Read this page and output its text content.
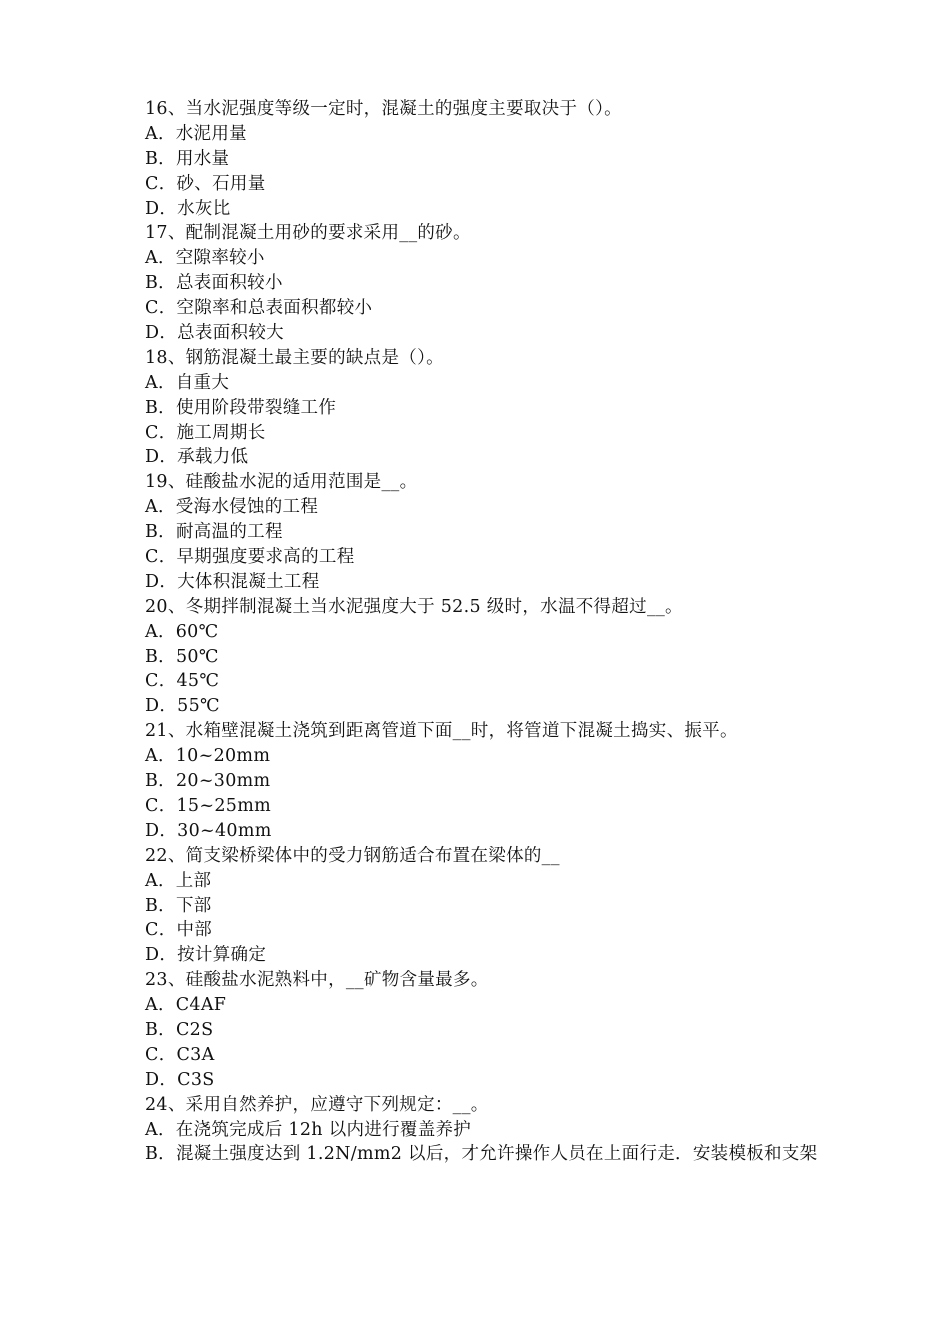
16、当水泥强度等级一定时，混凝土的强度主要取决于（）。
A．水泥用量
B．用水量
C．砂、石用量
D．水灰比
17、配制混凝土用砂的要求采用__的砂。
A．空隙率较小
B．总表面积较小
C．空隙率和总表面积都较小
D．总表面积较大
18、钢筋混凝土最主要的缺点是（）。
A．自重大
B．使用阶段带裂缝工作
C．施工周期长
D．承载力低
19、硅酸盐水泥的适用范围是__。
A．受海水侵蚀的工程
B．耐高温的工程
C．早期强度要求高的工程
D．大体积混凝土工程
20、冬期拌制混凝土当水泥强度大于 52.5 级时，水温不得超过__。
A．60℃
B．50℃
C．45℃
D．55℃
21、水箱壁混凝土浇筑到距离管道下面__时，将管道下混凝土捣实、振平。
A．10~20mm
B．20~30mm
C．15~25mm
D．30~40mm
22、简支梁桥梁体中的受力钢筋适合布置在梁体的__
A．上部
B．下部
C．中部
D．按计算确定
23、硅酸盐水泥熟料中，__矿物含量最多。
A．C4AF
B．C2S
C．C3A
D．C3S
24、采用自然养护，应遵守下列规定：__。
A．在浇筑完成后 12h 以内进行覆盖养护
B．混凝土强度达到 1.2N/mm2 以后，才允许操作人员在上面行走．安装模板和支架
